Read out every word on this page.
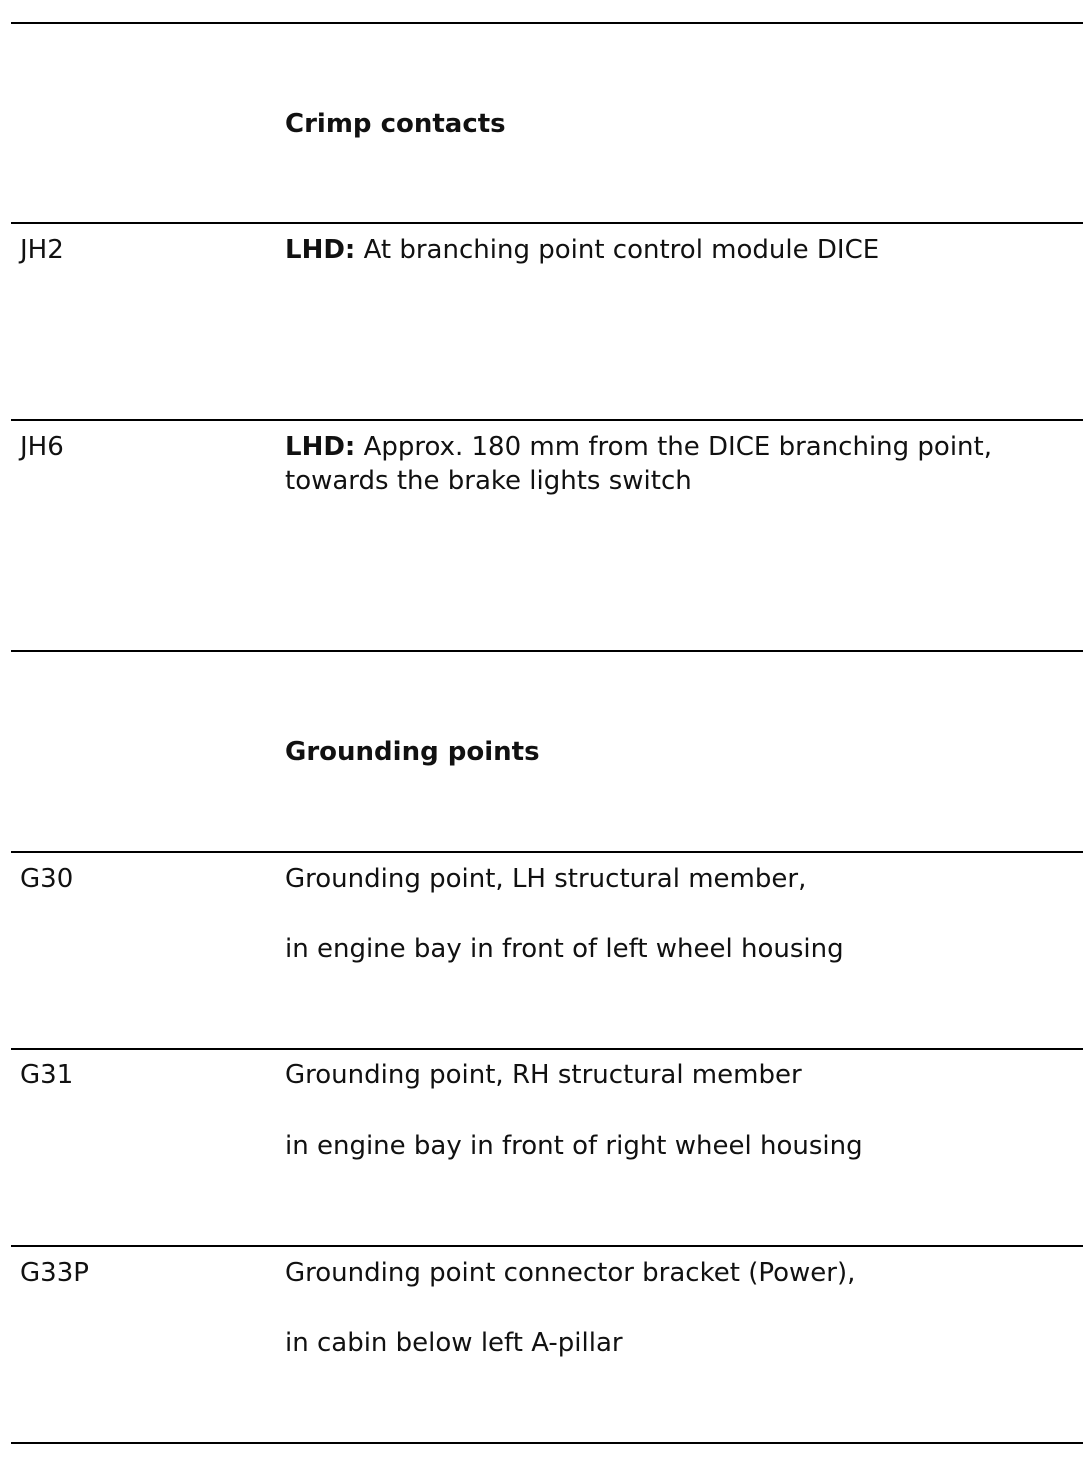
Crimp contacts
JH2	LHD: At branching point control module DICE
JH6	LHD: Approx. 180 mm from the DICE branching point,
towards the brake lights switch
Grounding points
G30	Grounding point, LH structural member,
in engine bay in front of left wheel housing
G31	Grounding point, RH structural member
in engine bay in front of right wheel housing
G33P	Grounding point connector bracket (Power),
in cabin below left A-pillar
